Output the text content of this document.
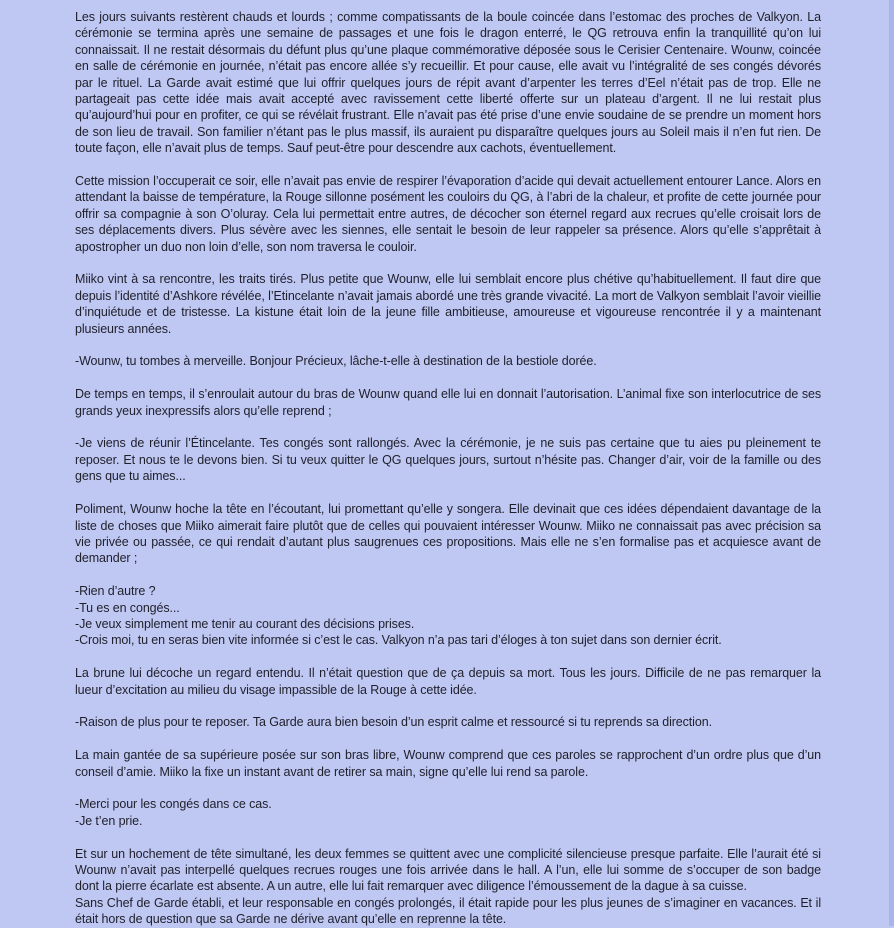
Les jours suivants restèrent chauds et lourds ; comme compatissants de la boule coincée dans l’estomac des proches de Valkyon. La cérémonie se termina après une semaine de passages et une fois le dragon enterré, le QG retrouva enfin la tranquillité qu’on lui connaissait. Il ne restait désormais du défunt plus qu’une plaque commémorative déposée sous le Cerisier Centenaire. Wounw, coincée en salle de cérémonie en journée, n’était pas encore allée s’y recueillir. Et pour cause, elle avait vu l’intégralité de ses congés dévorés par le rituel. La Garde avait estimé que lui offrir quelques jours de répit avant d’arpenter les terres d’Eel n’était pas de trop. Elle ne partageait pas cette idée mais avait accepté avec ravissement cette liberté offerte sur un plateau d’argent. Il ne lui restait plus qu’aujourd’hui pour en profiter, ce qui se révélait frustrant. Elle n’avait pas été prise d’une envie soudaine de se prendre un moment hors de son lieu de travail. Son familier n’étant pas le plus massif, ils auraient pu disparaître quelques jours au Soleil mais il n’en fut rien. De toute façon, elle n’avait plus de temps. Sauf peut-être pour descendre aux cachots, éventuellement.
Cette mission l’occuperait ce soir, elle n’avait pas envie de respirer l’évaporation d’acide qui devait actuellement entourer Lance. Alors en attendant la baisse de température, la Rouge sillonne posément les couloirs du QG, à l’abri de la chaleur, et profite de cette journée pour offrir sa compagnie à son O’oluray. Cela lui permettait entre autres, de décocher son éternel regard aux recrues qu’elle croisait lors de ses déplacements divers. Plus sévère avec les siennes, elle sentait le besoin de leur rappeler sa présence. Alors qu’elle s’apprêtait à apostropher un duo non loin d’elle, son nom traversa le couloir.
Miiko vint à sa rencontre, les traits tirés. Plus petite que Wounw, elle lui semblait encore plus chétive qu’habituellement. Il faut dire que depuis l’identité d’Ashkore révélée, l’Etincelante n’avait jamais abordé une très grande vivacité. La mort de Valkyon semblait l’avoir vieillie d’inquiétude et de tristesse. La kistune était loin de la jeune fille ambitieuse, amoureuse et vigoureuse rencontrée il y a maintenant plusieurs années.
-Wounw, tu tombes à merveille. Bonjour Précieux, lâche-t-elle à destination de la bestiole dorée.
De temps en temps, il s’enroulait autour du bras de Wounw quand elle lui en donnait l’autorisation. L’animal fixe son interlocutrice de ses grands yeux inexpressifs alors qu’elle reprend ;
-Je viens de réunir l’Étincelante. Tes congés sont rallongés. Avec la cérémonie, je ne suis pas certaine que tu aies pu pleinement te reposer. Et nous te le devons bien. Si tu veux quitter le QG quelques jours, surtout n’hésite pas. Changer d’air, voir de la famille ou des gens que tu aimes...
Poliment, Wounw hoche la tête en l’écoutant, lui promettant qu’elle y songera. Elle devinait que ces idées dépendaient davantage de la liste de choses que Miiko aimerait faire plutôt que de celles qui pouvaient intéresser Wounw. Miiko ne connaissait pas avec précision sa vie privée ou passée, ce qui rendait d’autant plus saugrenues ces propositions. Mais elle ne s’en formalise pas et acquiesce avant de demander ;
-Rien d’autre ?
-Tu es en congés...
-Je veux simplement me tenir au courant des décisions prises.
-Crois moi, tu en seras bien vite informée si c’est le cas. Valkyon n’a pas tari d’éloges à ton sujet dans son dernier écrit.
La brune lui décoche un regard entendu. Il n’était question que de ça depuis sa mort. Tous les jours. Difficile de ne pas remarquer la lueur d’excitation au milieu du visage impassible de la Rouge à cette idée.
-Raison de plus pour te reposer. Ta Garde aura bien besoin d’un esprit calme et ressourcé si tu reprends sa direction.
La main gantée de sa supérieure posée sur son bras libre, Wounw comprend que ces paroles se rapprochent d’un ordre plus que d’un conseil d’amie. Miiko la fixe un instant avant de retirer sa main, signe qu’elle lui rend sa parole.
-Merci pour les congés dans ce cas.
-Je t’en prie.
Et sur un hochement de tête simultané, les deux femmes se quittent avec une complicité silencieuse presque parfaite. Elle l’aurait été si Wounw n’avait pas interpellé quelques recrues rouges une fois arrivée dans le hall. A l’un, elle lui somme de s’occuper de son badge dont la pierre écarlate est absente. A un autre, elle lui fait remarquer avec diligence l’émoussement de la dague à sa cuisse.
Sans Chef de Garde établi, et leur responsable en congés prolongés, il était rapide pour les plus jeunes de s’imaginer en vacances. Et il était hors de question que sa Garde ne dérive avant qu’elle en reprenne la tête.
